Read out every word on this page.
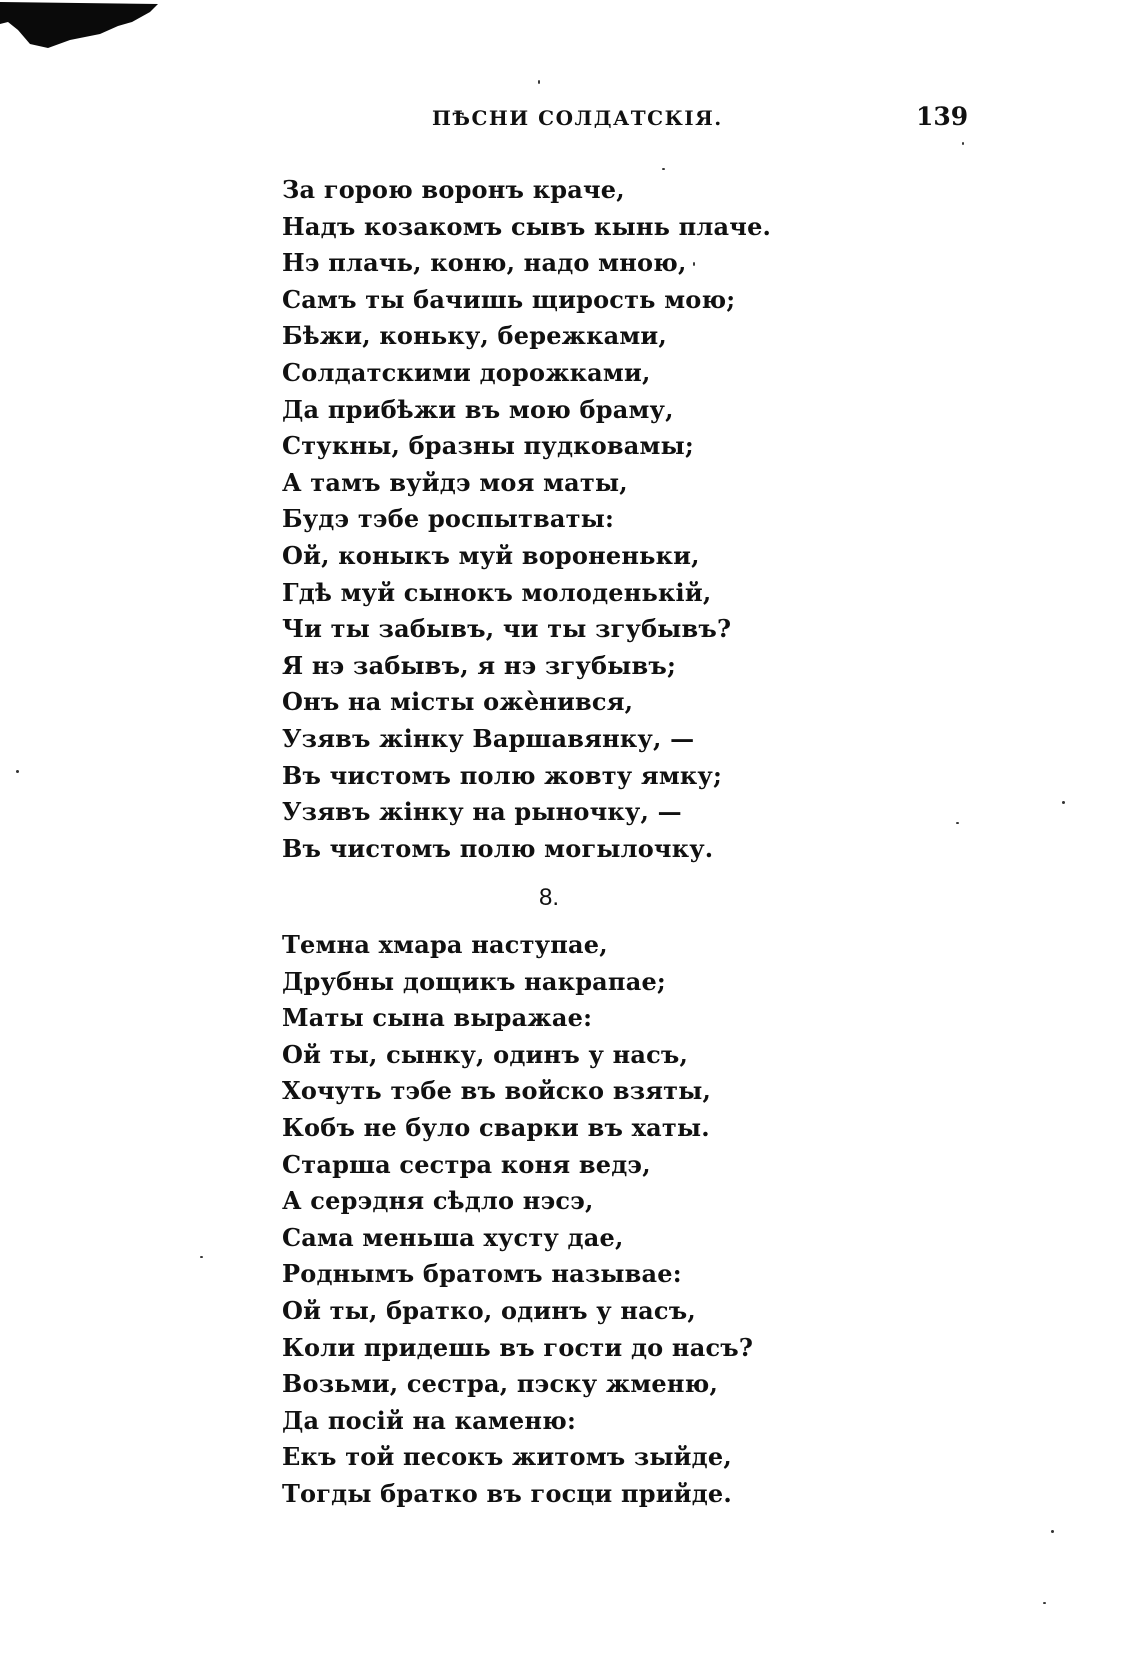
ПѢСНИ СОЛДАТСКІЯ.	139
За горою воронъ краче,
Надъ козакомъ сывъ кынь плаче.
Нэ плачь, коню, надо мною,
Самъ ты бачишь щирость мою;
Бѣжи, коньку, бережками,
Солдатскими дорожками,
Да прибѣжи въ мою браму,
Стукны, бразны пудковамы;
А тамъ вуйдэ моя маты,
Будэ тэбе роспытваты:
Ой, коныкъ муй вороненьки,
Гдѣ муй сынокъ молоденькій,
Чи ты забывъ, чи ты згубывъ?
Я нэ забывъ, я нэ згубывъ;
Онъ на місты ожѐнився,
Узявъ жінку Варшавянку, —
Въ чистомъ полю жовту ямку;
Узявъ жінку на рыночку, —
Въ чистомъ полю могылочку.
8.
Темна хмара наступае,
Друбны дощикъ накрапае;
Маты сына выражае:
Ой ты, сынку, одинъ у насъ,
Хочуть тэбе въ войско взяты,
Кобъ не було сварки въ хаты.
Старша сестра коня ведэ,
А серэдня сѣдло нэсэ,
Сама меньша хусту дае,
Роднымъ братомъ называе:
Ой ты, братко, одинъ у насъ,
Коли придешь въ гости до насъ?
Возьми, сестра, пэску жменю,
Да посій на каменю:
Екъ той песокъ житомъ зыйде,
Тогды братко въ госци прийде.
